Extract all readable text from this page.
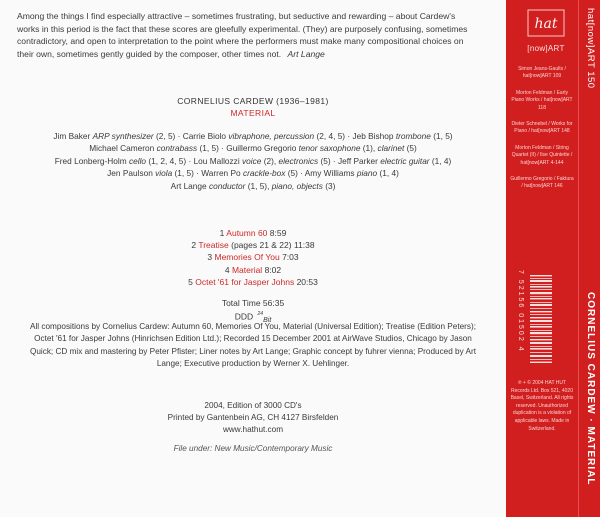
Among the things I find especially attractive – sometimes frustrating, but seductive and rewarding – about Cardew's works in this period is the fact that these scores are gleefully experimental. (They) are purposely confusing, sometimes contradictory, and open to interpretation to the point where the performers must make many compositional choices on their own, sometimes gently guided by the composer, other times not. Art Lange
CORNELIUS CARDEW (1936–1981)
MATERIAL
Jim Baker ARP synthesizer (2, 5) · Carrie Biolo vibraphone, percussion (2, 4, 5) · Jeb Bishop trombone (1, 5)
Michael Cameron contrabass (1, 5) · Guillermo Gregorio tenor saxophone (1), clarinet (5)
Fred Lonberg-Holm cello (1, 2, 4, 5) · Lou Mallozzi voice (2), electronics (5) · Jeff Parker electric guitar (1, 4)
Jen Paulson viola (1, 5) · Warren Po crackle-box (5) · Amy Williams piano (1, 4)
Art Lange conductor (1, 5), piano, objects (3)
1 Autumn 60 8:59
2 Treatise (pages 21 & 22) 11:38
3 Memories Of You 7:03
4 Material 8:02
5 Octet '61 for Jasper Johns 20:53
Total Time 56:35
DDD $_{^{24}Bit}$
All compositions by Cornelius Cardew: Autumn 60, Memories Of You, Material (Universal Edition); Treatise (Edition Peters); Octet '61 for Jasper Johns (Hinrichsen Edition Ltd.); Recorded 15 December 2001 at AirWave Studios, Chicago by Jason Quick; CD mix and mastering by Peter Pfister; Liner notes by Art Lange; Graphic concept by fuhrer vienna; Produced by Art Lange; Executive production by Werner X. Uehlinger.
2004, Edition of 3000 CD's
Printed by Gantenbein AG, CH 4127 Birsfelden
www.hathut.com
File under: New Music/Contemporary Music
hat
[now]ART
Simon Jeans-Gaults / hat[now]ART 109
Morton Feldman / Early Piano Works / hat[now]ART 118
Dieter Schnebel / Works for Piano / hat[now]ART 148
Morton Feldman / String Quartet (II) / Ilse Quintette / hat[now]ART 4-144
Guillermo Gregorio / Faktura / hat[now]ART 146
7 52156 01502 4
℗ + © 2004 HAT HUT Records Ltd. Box 521, 4020 Basel, Switzerland. All rights reserved. Unauthorized duplication is a violation of applicable laws. Made in Switzerland.
hat[now]ART 150
CORNELIUS CARDEW · MATERIAL
